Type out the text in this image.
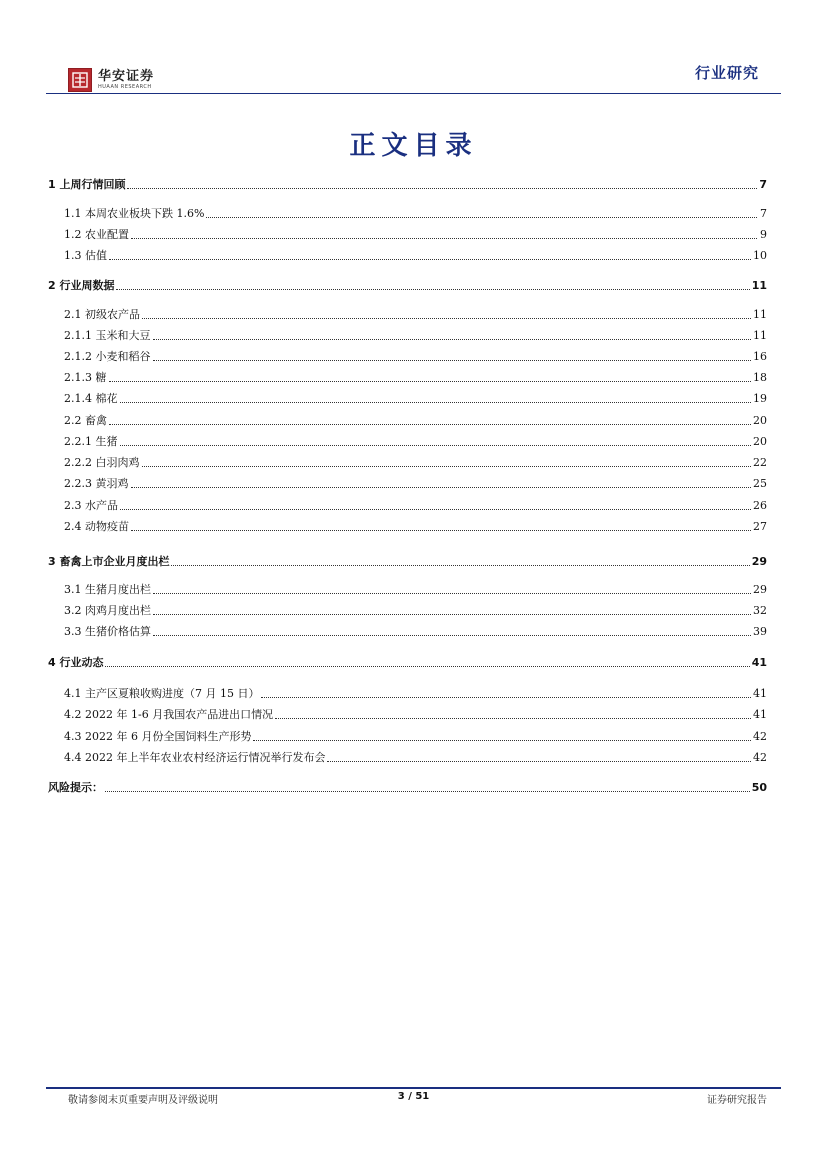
华安证券
HUAAN RESEARCH
行业研究
正文目录
1 上周行情回顾	7
1.1 本周农业板块下跌 1.6%	7
1.2 农业配置	9
1.3 估值	10
2 行业周数据	11
2.1 初级农产品	11
2.1.1 玉米和大豆	11
2.1.2 小麦和稻谷	16
2.1.3 糖	18
2.1.4 棉花	19
2.2 畜禽	20
2.2.1 生猪	20
2.2.2 白羽肉鸡	22
2.2.3 黄羽鸡	25
2.3 水产品	26
2.4 动物疫苗	27
3 畜禽上市企业月度出栏	29
3.1 生猪月度出栏	29
3.2 肉鸡月度出栏	32
3.3 生猪价格估算	39
4 行业动态	41
4.1 主产区夏粮收购进度（7 月 15 日）	41
4.2 2022 年 1-6 月我国农产品进出口情况	41
4.3 2022 年 6 月份全国饲料生产形势	42
4.4 2022 年上半年农业农村经济运行情况举行发布会	42
风险提示：	50
敬请参阅末页重要声明及评级说明	3 / 51	证券研究报告
